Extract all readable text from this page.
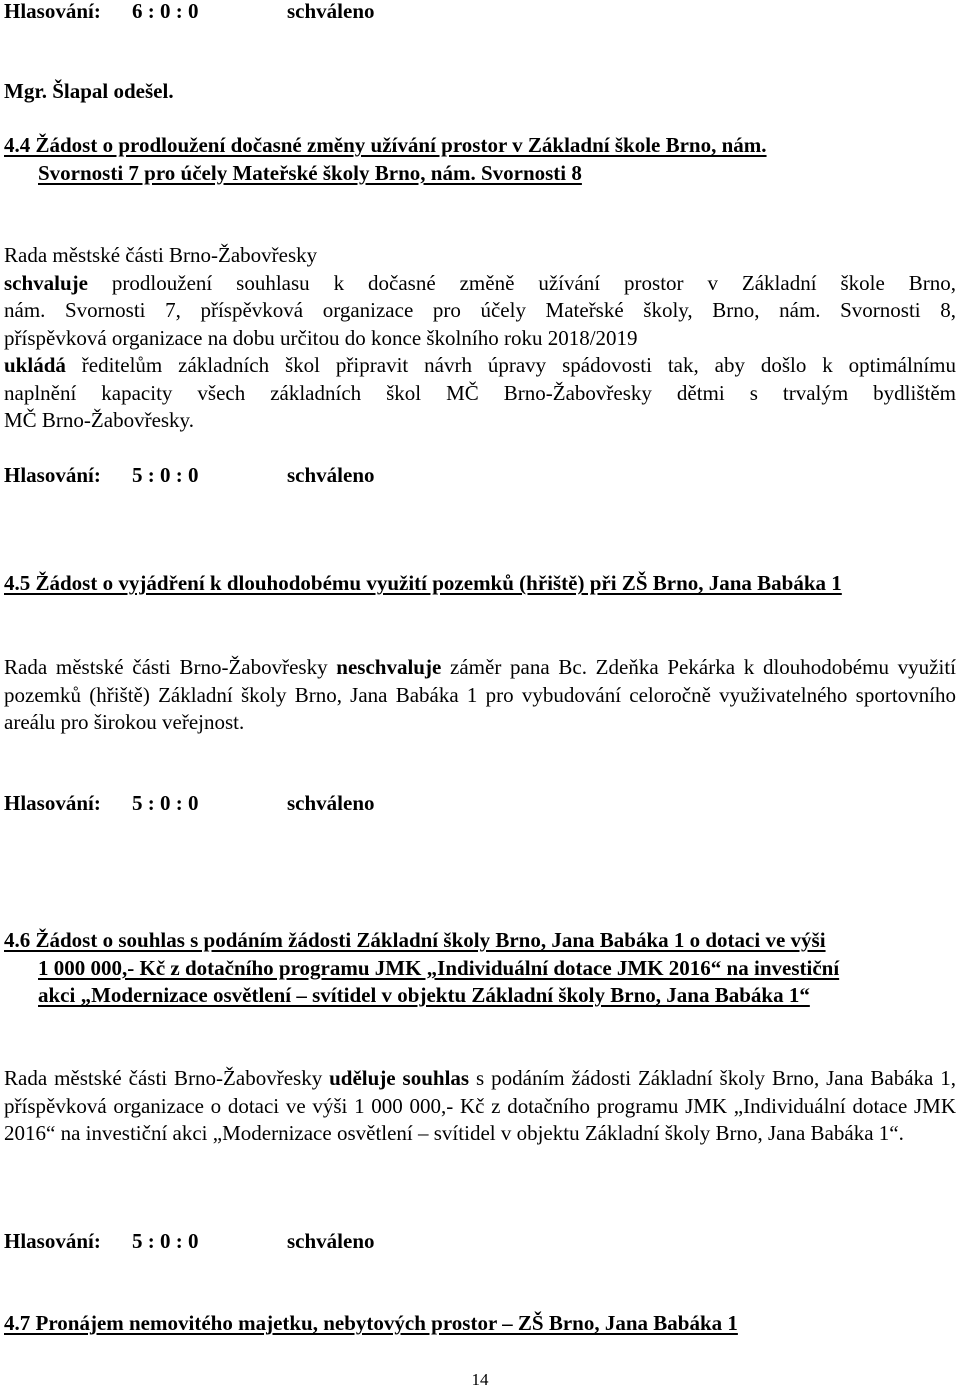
Hlasování: 6 : 0 : 0	schváleno

Mgr. Šlapal odešel.

4.4 Žádost o prodloužení dočasné změny užívání prostor v Základní škole Brno, nám.
Svornosti 7 pro účely Mateřské školy Brno, nám. Svornosti 8
Rada městské části Brno-Žabovřesky
schvaluje prodloužení souhlasu k dočasné změně užívání prostor v Základní škole Brno,
nám. Svornosti 7, příspěvková organizace pro účely Mateřské školy, Brno, nám. Svornosti 8,
příspěvková organizace na dobu určitou do konce školního roku 2018/2019
ukládá ředitelům základních škol připravit návrh úpravy spádovosti tak, aby došlo k optimálnímu
naplnění kapacity všech základních škol MČ Brno-Žabovřesky dětmi s trvalým bydlištěm
MČ Brno-Žabovřesky.
Hlasování: 5 : 0 : 0	schváleno
4.5 Žádost o vyjádření k dlouhodobému využití pozemků (hřiště) při ZŠ Brno, Jana Babáka 1

Rada městské části Brno-Žabovřesky neschvaluje záměr pana Bc. Zdeňka Pekárka k dlouhodobému využití pozemků (hřiště) Základní školy Brno, Jana Babáka 1 pro vybudování celoročně využivatelného sportovního areálu pro širokou veřejnost.

Hlasování: 5 : 0 : 0	schváleno
4.6 Žádost o souhlas s podáním žádosti Základní školy Brno, Jana Babáka 1 o dotaci ve výši
1 000 000,- Kč z dotačního programu JMK „Individuální dotace JMK 2016“ na investiční
akci „Modernizace osvětlení – svítidel v objektu Základní školy Brno, Jana Babáka 1“

Rada městské části Brno-Žabovřesky uděluje souhlas s podáním žádosti Základní školy Brno, Jana Babáka 1, příspěvková organizace o dotaci ve výši 1 000 000,- Kč z dotačního programu JMK „Individuální dotace JMK 2016“ na investiční akci „Modernizace osvětlení – svítidel v objektu Základní školy Brno, Jana Babáka 1“.

Hlasování: 5 : 0 : 0	schváleno
4.7 Pronájem nemovitého majetku, nebytových prostor – ZŠ Brno, Jana Babáka 1
14
